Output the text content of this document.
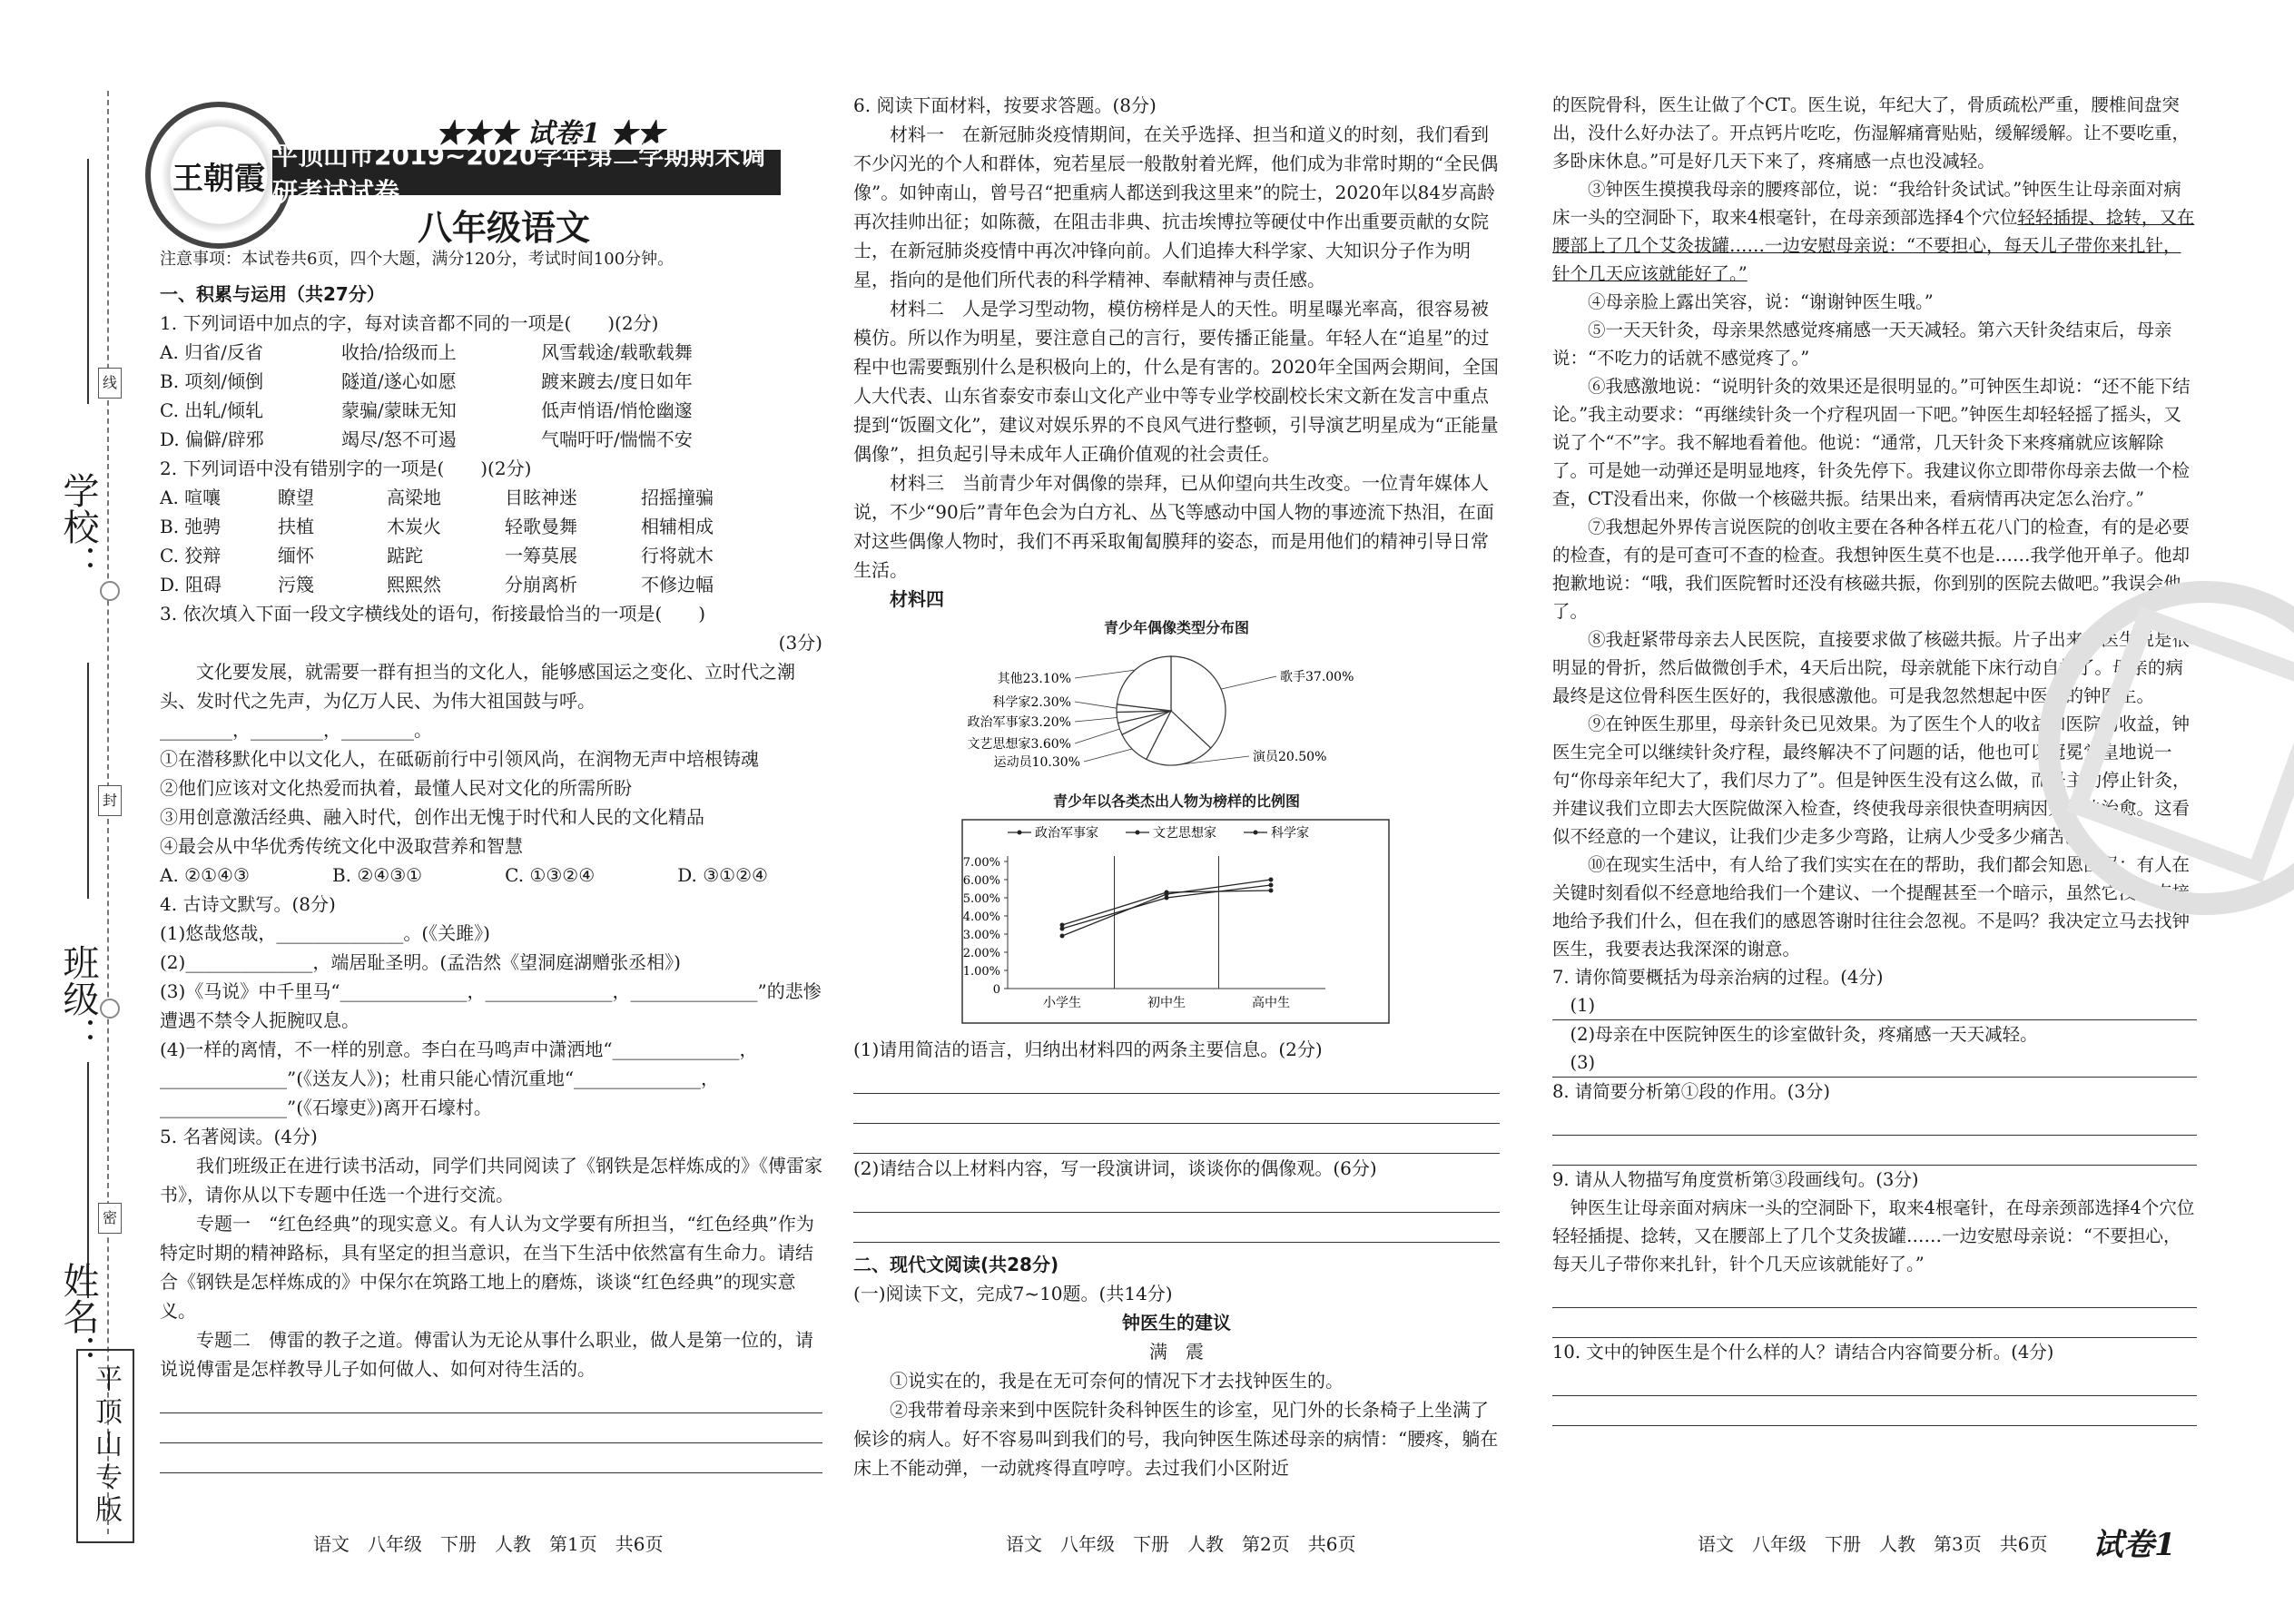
学校：
班级：
姓名：
线
封
密
平顶山专版
王朝霞
★★★ 试卷1 ★★
平顶山市2019~2020学年第二学期期末调研考试试卷
八年级语文

注意事项：本试卷共6页，四个大题，满分120分，考试时间100分钟。

一、积累与运用（共27分）

1. 下列词语中加点的字，每对读音都不同的一项是(　　)(2分)

A. 归省/反省	收拾/拾级而上	风雪载途/载歌载舞
B. 项刻/倾倒	隧道/遂心如愿	踱来踱去/度日如年
C. 出轧/倾轧	蒙骗/蒙昧无知	低声悄语/悄怆幽邃
D. 偏僻/辟邪	竭尽/怒不可遏	气喘吁吁/惴惴不安

2. 下列词语中没有错别字的一项是(　　)(2分)

A. 喧嚷	瞭望	高梁地	目眩神迷	招摇撞骗
B. 弛骋	扶植	木炭火	轻歌曼舞	相辅相成
C. 狡辩	缅怀	踮跎	一筹莫展	行将就木
D. 阻碍	污篾	熙熙然	分崩离析	不修边幅

3. 依次填入下面一段文字横线处的语句，衔接最恰当的一项是(　　)

(3分)

文化要发展，就需要一群有担当的文化人，能够感国运之变化、立时代之潮头、发时代之先声，为亿万人民、为伟大祖国鼓与呼。

________，________，________。

①在潜移默化中以文化人，在砥砺前行中引领风尚，在润物无声中培根铸魂

②他们应该对文化热爱而执着，最懂人民对文化的所需所盼

③用创意激活经典、融入时代，创作出无愧于时代和人民的文化精品

④最会从中华优秀传统文化中汲取营养和智慧

A. ②①④③	B. ②④③①	C. ①③②④	D. ③①②④

4. 古诗文默写。(8分)

(1)悠哉悠哉，______________。(《关雎》)

(2)______________，端居耻圣明。(孟浩然《望洞庭湖赠张丞相》)

(3)《马说》中千里马“______________，______________，______________”的悲惨遭遇不禁令人扼腕叹息。

(4)一样的离情，不一样的别意。李白在马鸣声中潇洒地“______________，______________”(《送友人》)；杜甫只能心情沉重地“______________，______________”(《石壕吏》)离开石壕村。

5. 名著阅读。(4分)

我们班级正在进行读书活动，同学们共同阅读了《钢铁是怎样炼成的》《傅雷家书》，请你从以下专题中任选一个进行交流。

专题一　“红色经典”的现实意义。有人认为文学要有所担当，“红色经典”作为特定时期的精神路标，具有坚定的担当意识，在当下生活中依然富有生命力。请结合《钢铁是怎样炼成的》中保尔在筑路工地上的磨炼，谈谈“红色经典”的现实意义。

专题二　傅雷的教子之道。傅雷认为无论从事什么职业，做人是第一位的，请说说傅雷是怎样教导儿子如何做人、如何对待生活的。

6. 阅读下面材料，按要求答题。(8分)

材料一　在新冠肺炎疫情期间，在关乎选择、担当和道义的时刻，我们看到不少闪光的个人和群体，宛若星辰一般散射着光辉，他们成为非常时期的“全民偶像”。如钟南山，曾号召“把重病人都送到我这里来”的院士，2020年以84岁高龄再次挂帅出征；如陈薇，在阻击非典、抗击埃博拉等硬仗中作出重要贡献的女院士，在新冠肺炎疫情中再次冲锋向前。人们追捧大科学家、大知识分子作为明星，指向的是他们所代表的科学精神、奉献精神与责任感。

材料二　人是学习型动物，模仿榜样是人的天性。明星曝光率高，很容易被模仿。所以作为明星，要注意自己的言行，要传播正能量。年轻人在“追星”的过程中也需要甄别什么是积极向上的，什么是有害的。2020年全国两会期间，全国人大代表、山东省泰安市泰山文化产业中等专业学校副校长宋文新在发言中重点提到“饭圈文化”，建议对娱乐界的不良风气进行整顿，引导演艺明星成为“正能量偶像”，担负起引导未成年人正确价值观的社会责任。

材料三　当前青少年对偶像的崇拜，已从仰望向共生改变。一位青年媒体人说，不少“90后”青年色会为白方礼、丛飞等感动中国人物的事迹流下热泪，在面对这些偶像人物时，我们不再采取匍匐膜拜的姿态，而是用他们的精神引导日常生活。

材料四

青少年偶像类型分布图
歌手37.00%
演员20.50%
运动员10.30%
文艺思想家3.60%
政治军事家3.20%
科学家2.30%
其他23.10%
青少年以各类杰出人物为榜样的比例图
0
1.00%
2.00%
3.00%
4.00%
5.00%
6.00%
7.00%
小学生	初中生	高中生
政治军事家	文艺思想家	科学家

(1)请用简洁的语言，归纳出材料四的两条主要信息。(2分)

(2)请结合以上材料内容，写一段演讲词，谈谈你的偶像观。(6分)

二、现代文阅读(共28分)

(一)阅读下文，完成7~10题。(共14分)

钟医生的建议

满　震

①说实在的，我是在无可奈何的情况下才去找钟医生的。

②我带着母亲来到中医院针灸科钟医生的诊室，见门外的长条椅子上坐满了候诊的病人。好不容易叫到我们的号，我向钟医生陈述母亲的病情：“腰疼，躺在床上不能动弹，一动就疼得直哼哼。去过我们小区附近

的医院骨科，医生让做了个CT。医生说，年纪大了，骨质疏松严重，腰椎间盘突出，没什么好办法了。开点钙片吃吃，伤湿解痛膏贴贴，缓解缓解。让不要吃重，多卧床休息。”可是好几天下来了，疼痛感一点也没减轻。

③钟医生摸摸我母亲的腰疼部位，说：“我给针灸试试。”钟医生让母亲面对病床一头的空洞卧下，取来4根毫针，在母亲颈部选择4个穴位轻轻插提、捻转，又在腰部上了几个艾灸拔罐……一边安慰母亲说：“不要担心，每天儿子带你来扎针，针个几天应该就能好了。”

④母亲脸上露出笑容，说：“谢谢钟医生哦。”

⑤一天天针灸，母亲果然感觉疼痛感一天天减轻。第六天针灸结束后，母亲说：“不吃力的话就不感觉疼了。”

⑥我感激地说：“说明针灸的效果还是很明显的。”可钟医生却说：“还不能下结论。”我主动要求：“再继续针灸一个疗程巩固一下吧。”钟医生却轻轻摇了摇头，又说了个“不”字。我不解地看着他。他说：“通常，几天针灸下来疼痛就应该解除了。可是她一动弹还是明显地疼，针灸先停下。我建议你立即带你母亲去做一个检查，CT没看出来，你做一个核磁共振。结果出来，看病情再决定怎么治疗。”

⑦我想起外界传言说医院的创收主要在各种各样五花八门的检查，有的是必要的检查，有的是可查可不查的检查。我想钟医生莫不也是……我学他开单子。他却抱歉地说：“哦，我们医院暂时还没有核磁共振，你到别的医院去做吧。”我误会他了。

⑧我赶紧带母亲去人民医院，直接要求做了核磁共振。片子出来，医生说是很明显的骨折，然后做微创手术，4天后出院，母亲就能下床行动自如了。母亲的病最终是这位骨科医生医好的，我很感激他。可是我忽然想起中医院的钟医生。

⑨在钟医生那里，母亲针灸已见效果。为了医生个人的收益和医院的收益，钟医生完全可以继续针灸疗程，最终解决不了问题的话，他也可以冠冕堂皇地说一句“你母亲年纪大了，我们尽力了”。但是钟医生没有这么做，而是主动停止针灸，并建议我们立即去大医院做深入检查，终使我母亲很快查明病因并很快治愈。这看似不经意的一个建议，让我们少走多少弯路，让病人少受多少痛苦。

⑩在现实生活中，有人给了我们实实在在的帮助，我们都会知恩图报；有人在关键时刻看似不经意地给我们一个建议、一个提醒甚至一个暗示，虽然它没有直接地给予我们什么，但在我们的感恩答谢时往往会忽视。不是吗？我决定立马去找钟医生，我要表达我深深的谢意。

7. 请你简要概括为母亲治病的过程。(4分)

(1)

(2)母亲在中医院钟医生的诊室做针灸，疼痛感一天天减轻。

(3)

8. 请简要分析第①段的作用。(3分)

9. 请从人物描写角度赏析第③段画线句。(3分)

钟医生让母亲面对病床一头的空洞卧下，取来4根毫针，在母亲颈部选择4个穴位轻轻插提、捻转，又在腰部上了几个艾灸拔罐……一边安慰母亲说：“不要担心，每天儿子带你来扎针，针个几天应该就能好了。”

10. 文中的钟医生是个什么样的人？请结合内容简要分析。(4分)

语文　八年级　下册　人教　第1页　共6页	语文　八年级　下册　人教　第2页　共6页	语文　八年级　下册　人教　第3页　共6页 试卷1
